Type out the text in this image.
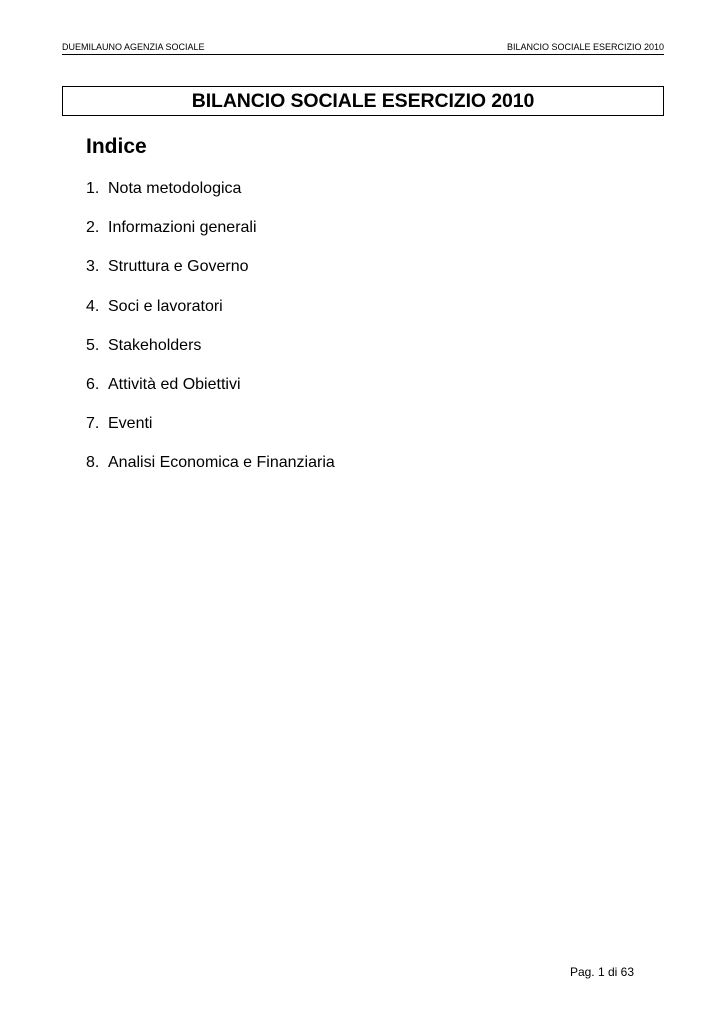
DUEMILAUNO AGENZIA SOCIALE	BILANCIO SOCIALE ESERCIZIO 2010
BILANCIO SOCIALE ESERCIZIO 2010
Indice
1. Nota metodologica
2. Informazioni generali
3. Struttura e Governo
4. Soci e lavoratori
5. Stakeholders
6. Attività ed Obiettivi
7. Eventi
8. Analisi Economica e Finanziaria
Pag. 1 di 63
